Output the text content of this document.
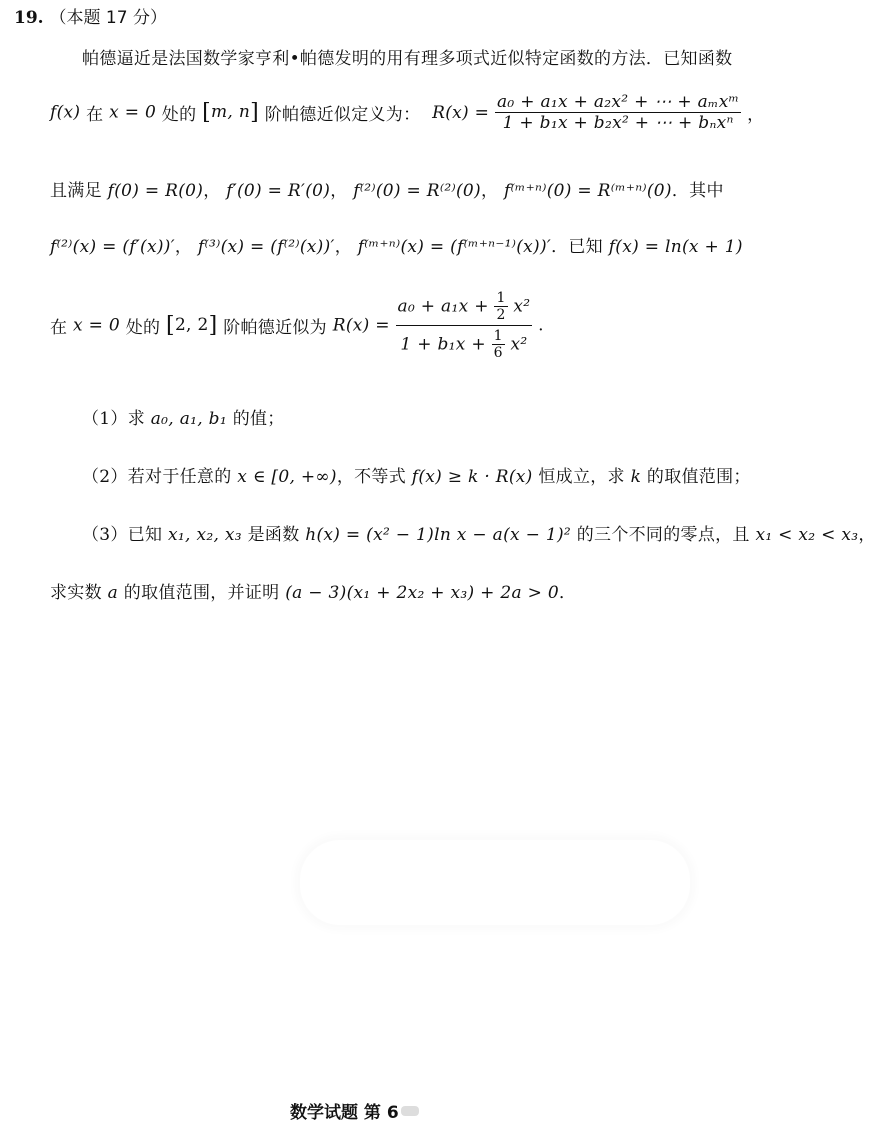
19. （本题 17 分）
帕德逼近是法国数学家亨利•帕德发明的用有理多项式近似特定函数的方法．已知函数
f(x) 在 x = 0 处的 [m, n] 阶帕德近似定义为： $R(x) = \frac{\text{a₀ + a₁x + a₂x² + ⋯ + aₘxᵐ}}{\text{1 + b₁x + b₂x² + ⋯ + bₙxⁿ}}$ ，
且满足 f(0) = R(0)， f′(0) = R′(0)， f⁽²⁾(0) = R⁽²⁾(0)， f⁽ᵐ⁺ⁿ⁾(0) = R⁽ᵐ⁺ⁿ⁾(0)．其中
f⁽²⁾(x) = (f′(x))′， f⁽³⁾(x) = (f⁽²⁾(x))′， f⁽ᵐ⁺ⁿ⁾(x) = (f⁽ᵐ⁺ⁿ⁻¹⁾(x))′．已知 f(x) = ln(x + 1)
在 x = 0 处的 [2, 2] 阶帕德近似为 $R(x) = \frac{a_0 + a_1x + \frac{1}{2} x^2}{1 + b_1x + \frac{1}{6} x^2}$ .
（1）求 a₀, a₁, b₁ 的值；
（2）若对于任意的 x ∈ [0, +∞)，不等式 f(x) ≥ k · R(x) 恒成立，求 k 的取值范围；
（3）已知 x₁, x₂, x₃ 是函数 h(x) = (x² − 1)ln x − a(x − 1)² 的三个不同的零点，且 x₁ < x₂ < x₃，
求实数 a 的取值范围，并证明 (a − 3)(x₁ + 2x₂ + x₃) + 2a > 0．
数学试题 第 6
